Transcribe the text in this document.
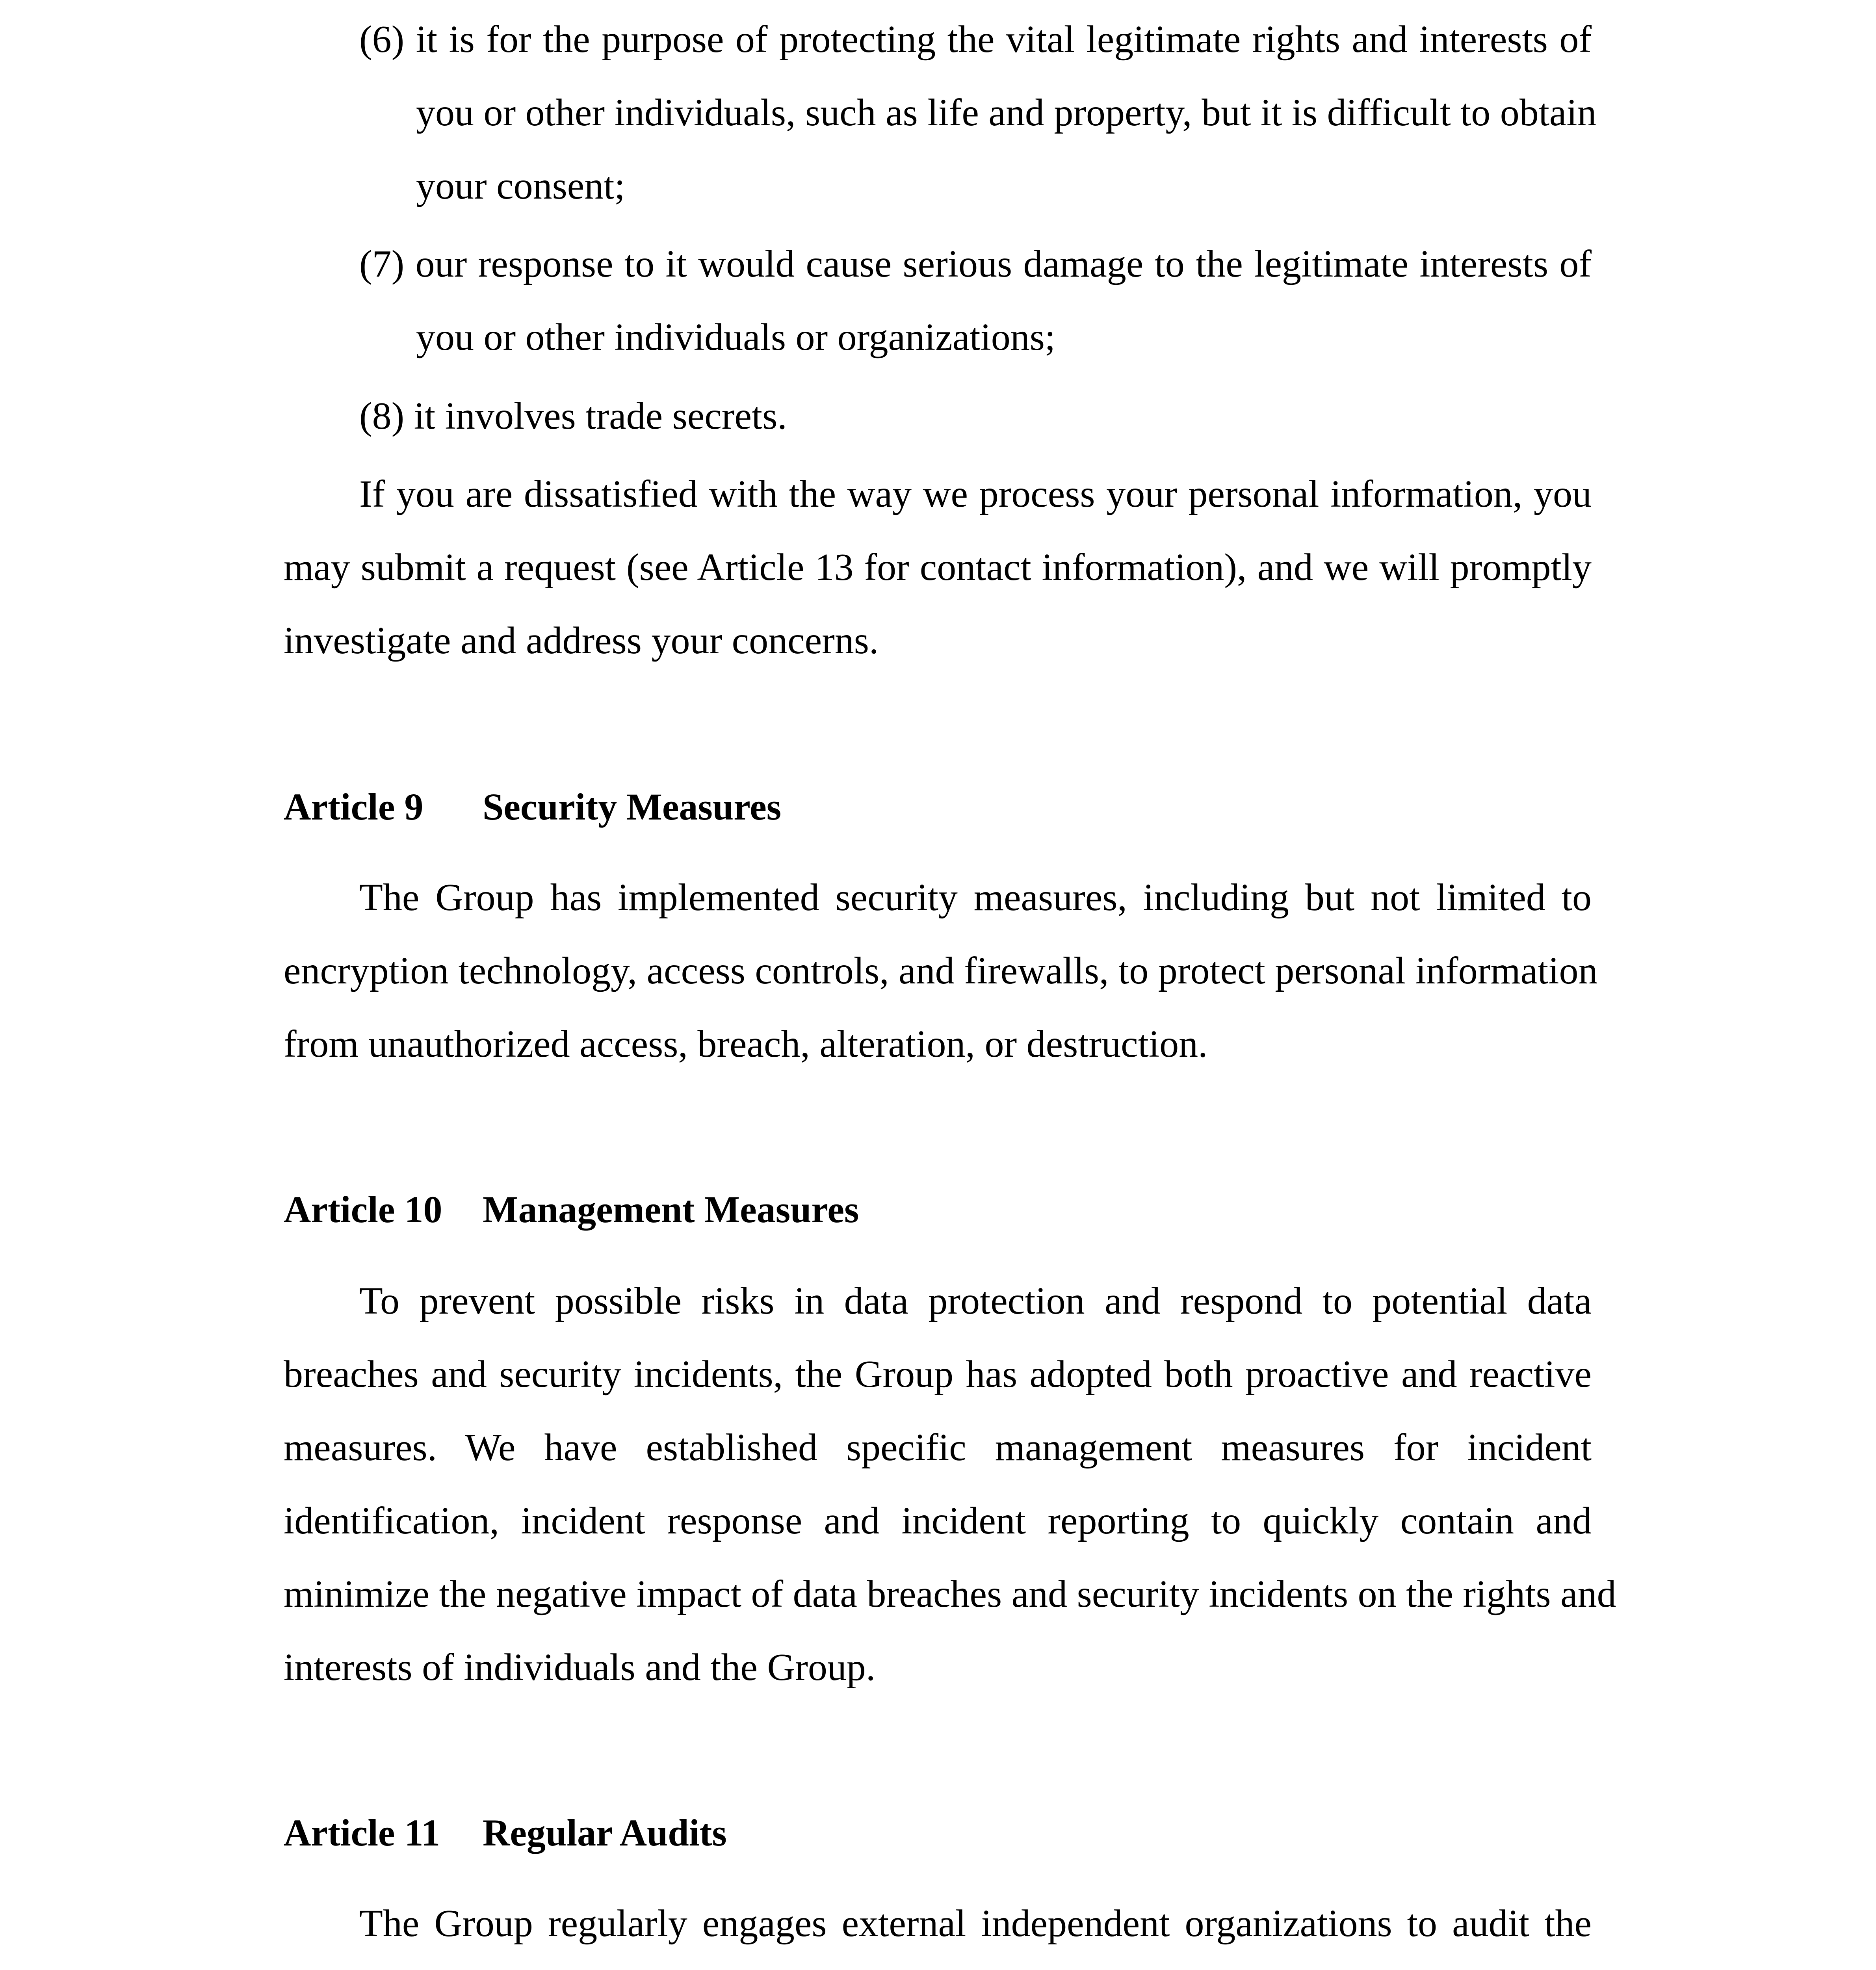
(6) it is for the purpose of protecting the vital legitimate rights and interests of
you or other individuals, such as life and property, but it is difficult to obtain
your consent;
(7) our response to it would cause serious damage to the legitimate interests of
you or other individuals or organizations;
(8) it involves trade secrets.
If you are dissatisfied with the way we process your personal information, you
may submit a request (see Article 13 for contact information), and we will promptly
investigate and address your concerns.
Article 9 Security Measures
The Group has implemented security measures, including but not limited to
encryption technology, access controls, and firewalls, to protect personal information
from unauthorized access, breach, alteration, or destruction.
Article 10 Management Measures
To prevent possible risks in data protection and respond to potential data
breaches and security incidents, the Group has adopted both proactive and reactive
measures. We have established specific management measures for incident
identification, incident response and incident reporting to quickly contain and
minimize the negative impact of data breaches and security incidents on the rights and
interests of individuals and the Group.
Article 11 Regular Audits
The Group regularly engages external independent organizations to audit the
